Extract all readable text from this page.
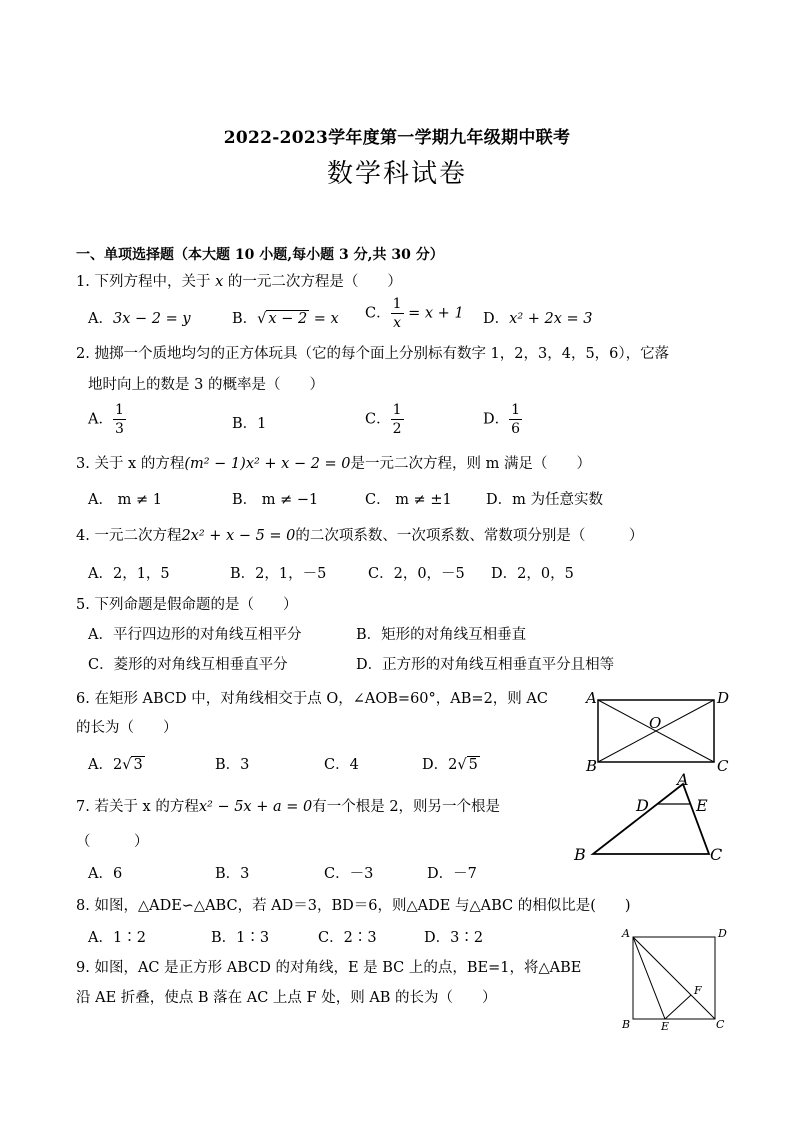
2022-2023学年度第一学期九年级期中联考
数学科试卷
一、单项选择题（本大题 10 小题,每小题 3 分,共 30 分）
1. 下列方程中，关于 x 的一元二次方程是（　　）
A．3x − 2 = y	B．√ x − 2 = x C． $\frac{1}{x} = x + 1$ D．x² + 2x = 3
2. 抛掷一个质地均匀的正方体玩具（它的每个面上分别标有数字 1，2，3，4，5，6），它落
地时向上的数是 3 的概率是（　　）
A． $\frac{1}{3}$	B．1	C． $\frac{1}{2}$	D． $\frac{1}{6}$
3. 关于 x 的方程(m² − 1)x² + x − 2 = 0是一元二次方程，则 m 满足（　　）
A． m ≠ 1	B． m ≠ −1	C． m ≠ ±1 D．m 为任意实数
4. 一元二次方程2x² + x − 5 = 0的二次项系数、一次项系数、常数项分别是（　　　）
A．2，1，5	B．2，1，－5	C．2，0，－5 D．2，0，5
5. 下列命题是假命题的是（　　）
A．平行四边形的对角线互相平分	B．矩形的对角线互相垂直
C．菱形的对角线互相垂直平分	D．正方形的对角线互相垂直平分且相等
6. 在矩形 ABCD 中，对角线相交于点 O，∠AOB=60°，AB=2，则 AC
的长为（　　）
A．2√ 3	B．3	C．4	D．2√ 5
A	D
B	C
O
7. 若关于 x 的方程x² − 5x + a = 0有一个根是 2，则另一个根是
（　　　）
A．6	B．3	C．－3	D．－7
A
D	E
B	C
8. 如图，△ADE∽△ABC，若 AD＝3，BD＝6，则△ADE 与△ABC 的相似比是(　　)
A．1∶2	B．1∶3	C．2∶3	D．3∶2
9. 如图，AC 是正方形 ABCD 的对角线，E 是 BC 上的点，BE=1，将△ABE
沿 AE 折叠，使点 B 落在 AC 上点 F 处，则 AB 的长为（　　）
A	D
B	C
E
F
